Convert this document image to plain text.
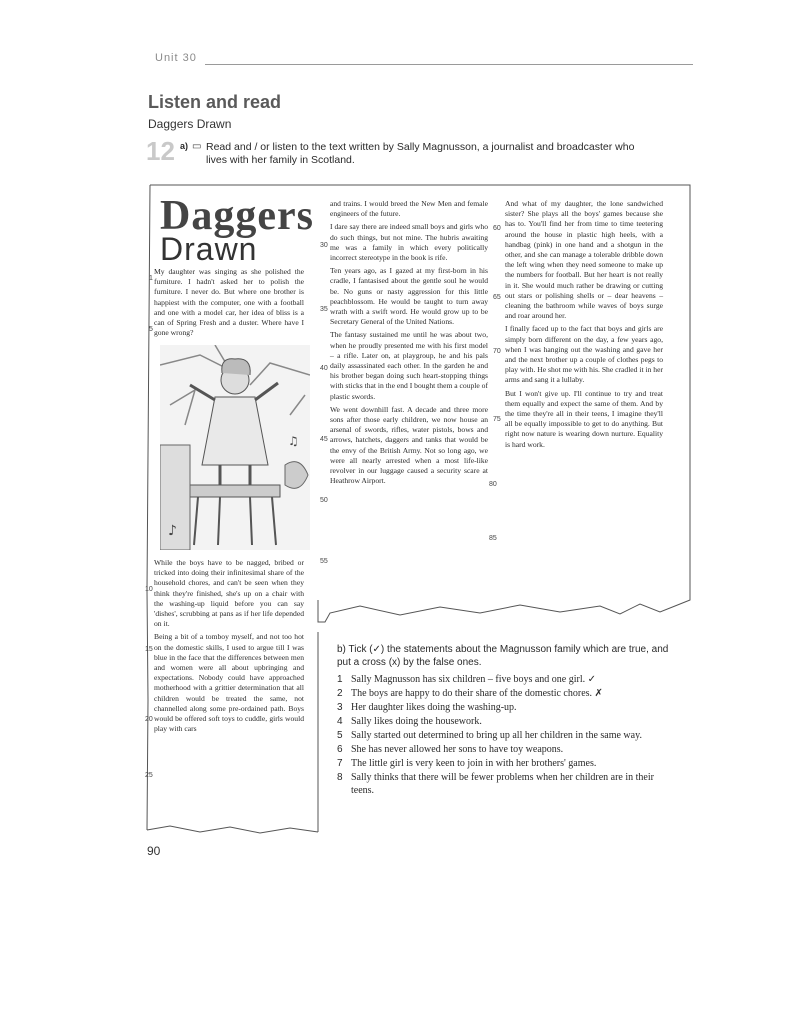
Unit 30
Listen and read
Daggers Drawn
12 a) ▭ Read and / or listen to the text written by Sally Magnusson, a journalist and broadcaster who
lives with her family in Scotland.
Daggers
Drawn

My daughter was singing as she polished the furniture. I hadn't asked her to polish the furniture. I never do. But where one brother is happiest with the computer, one with a football and one with a model car, her idea of bliss is a can of Spring Fresh and a duster. Where have I gone wrong?

♪
♫

While the boys have to be nagged, bribed or tricked into doing their infinitesimal share of the household chores, and can't be seen when they think they're finished, she's up on a chair with the washing-up liquid before you can say 'dishes', scrubbing at pans as if her life depended on it.

Being a bit of a tomboy myself, and not too hot on the domestic skills, I used to argue till I was blue in the face that the differences between men and women were all about upbringing and expectations. Nobody could have approached motherhood with a grittier determination that all children would be treated the same, not channelled along some pre-ordained path. Boys would be offered soft toys to cuddle, girls would play with cars

and trains. I would breed the New Men and female engineers of the future.

I dare say there are indeed small boys and girls who do such things, but not mine. The hubris awaiting me was a family in which every politically incorrect stereotype in the book is rife.

Ten years ago, as I gazed at my first-born in his cradle, I fantasised about the gentle soul he would be. No guns or nasty aggression for this little peachblossom. He would be taught to turn away wrath with a swift word. He would grow up to be Secretary General of the United Nations.

The fantasy sustained me until he was about two, when he proudly presented me with his first model – a rifle. Later on, at playgroup, he and his pals daily assassinated each other. In the garden he and his brother began doing such heart-stopping things with sticks that in the end I bought them a couple of plastic swords.

We went downhill fast. A decade and three more sons after those early children, we now house an arsenal of swords, rifles, water pistols, bows and arrows, hatchets, daggers and tanks that would be the envy of the British Army. Not so long ago, we were all nearly arrested when a most life-like revolver in our luggage caused a security scare at Heathrow Airport.

And what of my daughter, the lone sandwiched sister? She plays all the boys' games because she has to. You'll find her from time to time teetering around the house in plastic high heels, with a handbag (pink) in one hand and a shotgun in the other, and she can manage a tolerable dribble down the left wing when they need someone to make up the numbers for football. But her heart is not really in it. She would much rather be drawing or cutting out stars or polishing shells or – dear heavens – cleaning the bathroom while waves of boys surge and roar around her.

I finally faced up to the fact that boys and girls are simply born different on the day, a few years ago, when I was hanging out the washing and gave her and the next brother up a couple of clothes pegs to play with. He shot me with his. She cradled it in her arms and sang it a lullaby.

But I won't give up. I'll continue to try and treat them equally and expect the same of them. And by the time they're all in their teens, I imagine they'll all be equally impossible to get to do anything. But right now nature is wearing down nurture. Equality is hard work.

1
5
10
15
20
25
30
35
40
45
50
55
60
65
70
75
80
85
b) Tick (✓) the statements about the Magnusson family which are true, and put a cross (x) by the false ones.
1 Sally Magnusson has six children – five boys and one girl. ✓
2 The boys are happy to do their share of the domestic chores. ✗
3 Her daughter likes doing the washing-up.
4 Sally likes doing the housework.
5 Sally started out determined to bring up all her children in the same way.
6 She has never allowed her sons to have toy weapons.
7 The little girl is very keen to join in with her brothers' games.
8 Sally thinks that there will be fewer problems when her children are in their teens.
90
